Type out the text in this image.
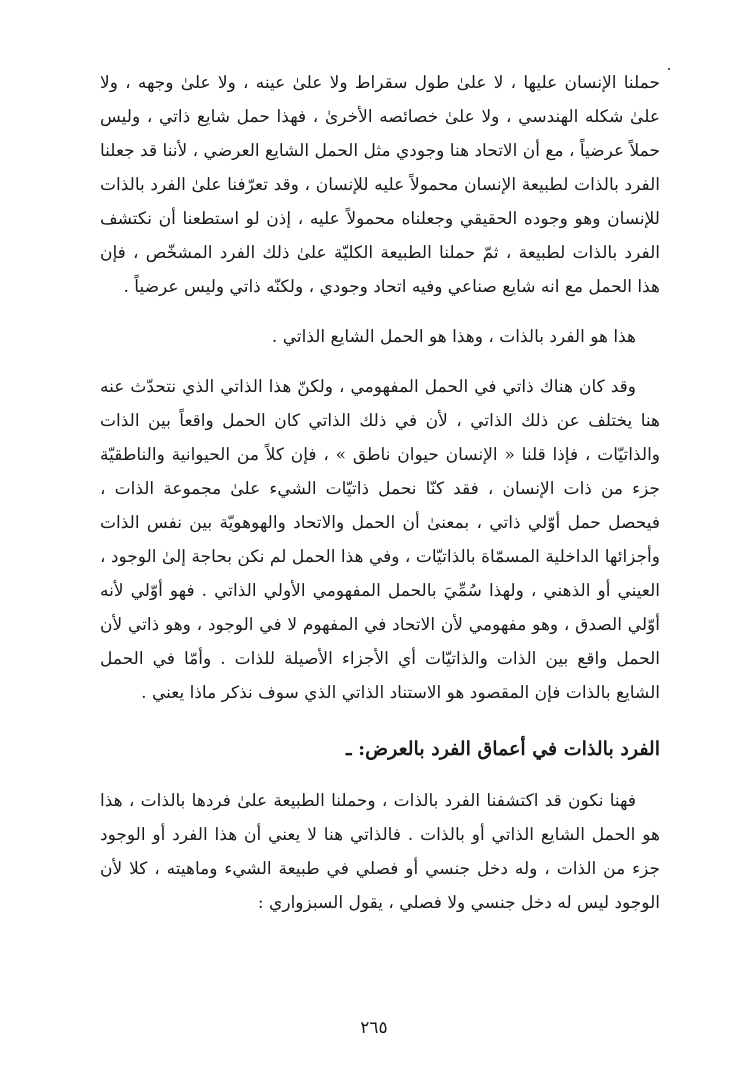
حملنا الإنسان عليها ، لا علىٰ طول سقراط ولا علىٰ عينه ، ولا علىٰ وجهه ، ولا علىٰ شكله الهندسي ، ولا علىٰ خصائصه الأخرىٰ ، فهذا حمل شايع ذاتي ، وليس حملاً عرضياً ، مع أن الاتحاد هنا وجودي مثل الحمل الشايع العرضي ، لأننا قد جعلنا الفرد بالذات لطبيعة الإنسان محمولاً عليه للإنسان ، وقد تعرّفنا علىٰ الفرد بالذات للإنسان وهو وجوده الحقيقي وجعلناه محمولاً عليه ، إذن لو استطعنا أن نكتشف الفرد بالذات لطبيعة ، ثمّ حملنا الطبيعة الكليّة علىٰ ذلك الفرد المشخّص ، فإن هذا الحمل مع انه شايع صناعي وفيه اتحاد وجودي ، ولكنّه ذاتي وليس عرضياً .

هذا هو الفرد بالذات ، وهذا هو الحمل الشايع الذاتي .

وقد كان هناك ذاتي في الحمل المفهومي ، ولكنّ هذا الذاتي الذي نتحدّث عنه هنا يختلف عن ذلك الذاتي ، لأن في ذلك الذاتي كان الحمل واقعاً بين الذات والذاتيّات ، فإذا قلنا « الإنسان حيوان ناطق » ، فإن كلاً من الحيوانية والناطقيّة جزء من ذات الإنسان ، فقد كنّا نحمل ذاتيّات الشيء علىٰ مجموعة الذات ، فيحصل حمل أوّلي ذاتي ، بمعنىٰ أن الحمل والاتحاد والهوهويّة بين نفس الذات وأجزائها الداخلية المسمّاة بالذاتيّات ، وفي هذا الحمل لم نكن بحاجة إلىٰ الوجود ، العيني أو الذهني ، ولهذا سُمِّيَ بالحمل المفهومي الأولي الذاتي . فهو أوّلي لأنه أوّلي الصدق ، وهو مفهومي لأن الاتحاد في المفهوم لا في الوجود ، وهو ذاتي لأن الحمل واقع بين الذات والذاتيّات أي الأجزاء الأصيلة للذات . وأمّا في الحمل الشايع بالذات فإن المقصود هو الاستناد الذاتي الذي سوف نذكر ماذا يعني .

الفرد بالذات في أعماق الفرد بالعرض: ـ

فهنا نكون قد اكتشفنا الفرد بالذات ، وحملنا الطبيعة علىٰ فردها بالذات ، هذا هو الحمل الشايع الذاتي أو بالذات . فالذاتي هنا لا يعني أن هذا الفرد أو الوجود جزء من الذات ، وله دخل جنسي أو فصلي في طبيعة الشيء وماهيته ، كلا لأن الوجود ليس له دخل جنسي ولا فصلي ، يقول السبزواري :

٢٦٥
